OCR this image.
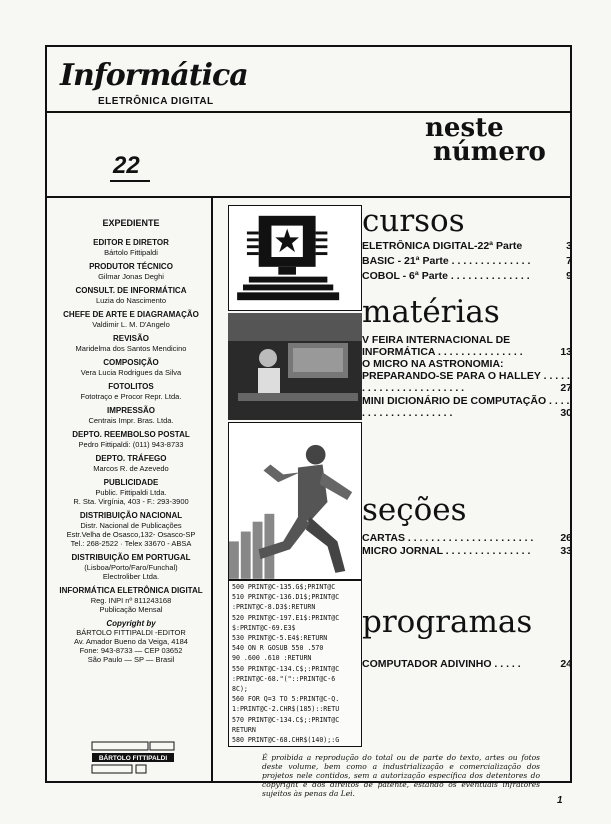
Informática
ELETRÔNICA DIGITAL
22
neste
número
EXPEDIENTE
EDITOR E DIRETOR
Bártolo Fittipaldi
PRODUTOR TÉCNICO
Gilmar Jonas Deghi
CONSULT. DE INFORMÁTICA
Luzia do Nascimento
CHEFE DE ARTE E DIAGRAMAÇÃO
Valdimir L. M. D'Angelo
REVISÃO
Maridelma dos Santos Mendicino
COMPOSIÇÃO
Vera Lucia Rodrigues da Silva
FOTOLITOS
Fototraço e Procor Repr. Ltda.
IMPRESSÃO
Centrais Impr. Bras. Ltda.
DEPTO. REEMBOLSO POSTAL
Pedro Fittipaldi: (011) 943-8733
DEPTO. TRÁFEGO
Marcos R. de Azevedo
PUBLICIDADE
Public. Fittipaldi Ltda.
R. Sta. Virgínia, 403 - F.: 293-3900
DISTRIBUIÇÃO NACIONAL
Distr. Nacional de Publicações
Estr.Velha de Osasco,132- Osasco-SP
Tel.: 268-2522 · Telex 33670 - ABSA
DISTRIBUIÇÃO EM PORTUGAL
(Lisboa/Porto/Faro/Funchal)
Electroliber Ltda.
INFORMÁTICA ELETRÔNICA DIGITAL
Reg. INPI nº 811243168
Publicação Mensal
Copyright by
BÁRTOLO FITTIPALDI -EDITOR
Av. Amador Bueno da Veiga, 4184
Fone: 943-8733 — CEP 03652
São Paulo — SP — Brasil
BÁRTOLO FITTIPALDI
cursos
ELETRÔNICA DIGITAL-22ª Parte	3
BASIC - 21ª Parte . . . . . . . . . . . . . .	7
COBOL - 6ª Parte . . . . . . . . . . . . . .	9
matérias
V FEIRA INTERNACIONAL DE INFORMÁTICA . . . . . . . . . . . . . . .	13
O MICRO NA ASTRONOMIA: PREPARANDO-SE PARA O HALLEY . . . . . . . . . . . . . . . . . . . . . . .	27
MINI DICIONÁRIO DE COMPUTAÇÃO . . . . . . . . . . . . . . . . . . . .	30
seções
CARTAS . . . . . . . . . . . . . . . . . . . . . .	26
MICRO JORNAL . . . . . . . . . . . . . . .	33
programas
COMPUTADOR ADIVINHO . . . . .	24
500 PRINT@C-135.G$;PRINT@C
510 PRINT@C-136.D1$;PRINT@C
:PRINT@C-8.D3$:RETURN
520 PRINT@C-197.E1$:PRINT@C
$:PRINT@C-69.E3$
530 PRINT@C-5.E4$:RETURN
540 ON R GOSUB 550 .570
90 .600 .610 :RETURN
550 PRINT@C-134.C$;:PRINT@C
:PRINT@C-68."("::PRINT@C-6
8C);
560 FOR Q=3 TO 5:PRINT@C-Q.
1:PRINT@C-2.CHR$(185)::RETU
570 PRINT@C-134.C$;:PRINT@C
RETURN
580 PRINT@C-68.CHR$(140);:G
É proibida a reprodução do total ou de parte do texto, artes ou fotos deste volume, bem como a industrialização e comercialização dos projetos nele contidos, sem a autorização específica dos detentores do copyright e dos direitos de patente, estando os eventuais infratores sujeitos às penas da Lei.
1
